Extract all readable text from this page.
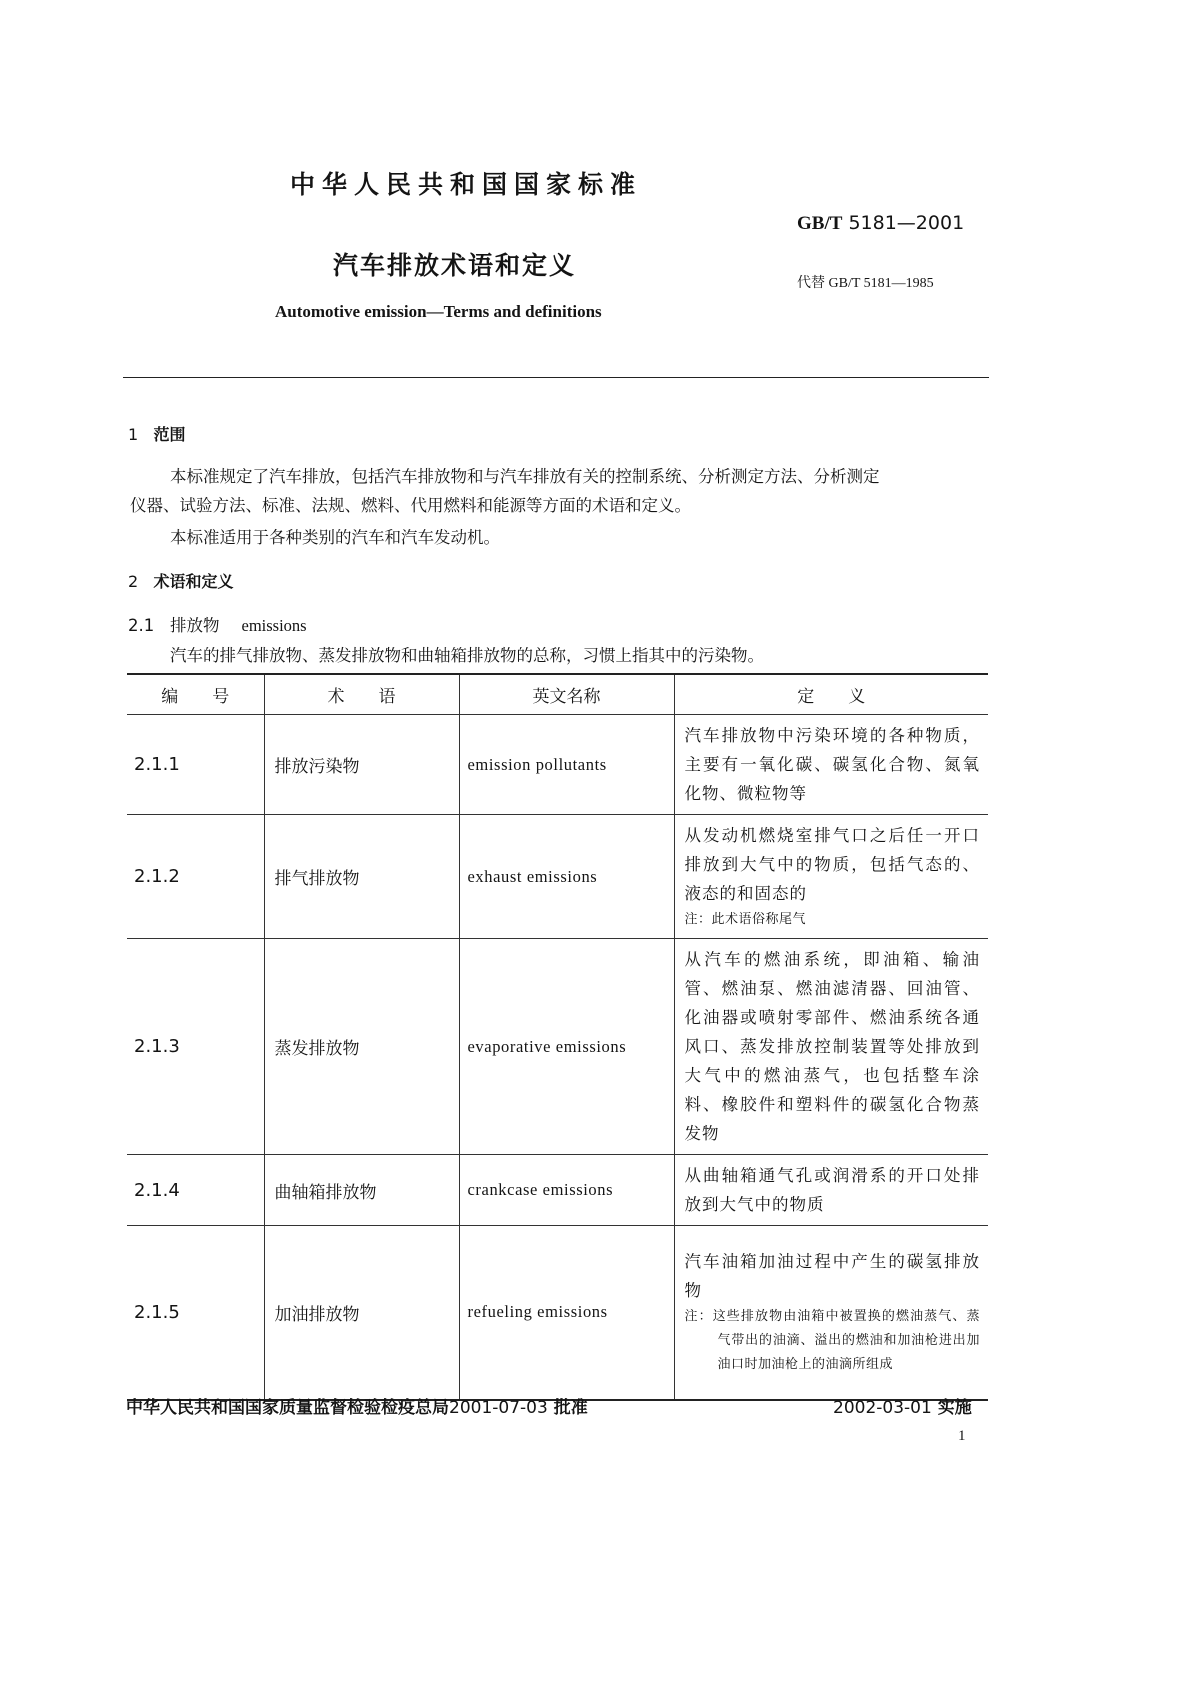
中华人民共和国国家标准
GB/T 5181—2001
汽车排放术语和定义
代替 GB/T 5181—1985
Automotive emission—Terms and definitions
1 范围
本标准规定了汽车排放，包括汽车排放物和与汽车排放有关的控制系统、分析测定方法、分析测定
仪器、试验方法、标准、法规、燃料、代用燃料和能源等方面的术语和定义。
本标准适用于各种类别的汽车和汽车发动机。
2 术语和定义
2.1 排放物 emissions
汽车的排气排放物、蒸发排放物和曲轴箱排放物的总称，习惯上指其中的污染物。
编　　号	术　　语	英文名称	定　　义
2.1.1	排放污染物	emission pollutants	汽车排放物中污染环境的各种物质，主要有一氧化碳、碳氢化合物、氮氧化物、微粒物等

2.1.2	排气排放物	exhaust emissions	从发动机燃烧室排气口之后任一开口排放到大气中的物质，包括气态的、液态的和固态的
注：此术语俗称尾气

2.1.3	蒸发排放物	evaporative emissions	从汽车的燃油系统，即油箱、输油管、燃油泵、燃油滤清器、回油管、化油器或喷射零部件、燃油系统各通风口、蒸发排放控制装置等处排放到大气中的燃油蒸气，也包括整车涂料、橡胶件和塑料件的碳氢化合物蒸发物

2.1.4	曲轴箱排放物	crankcase emissions	从曲轴箱通气孔或润滑系的开口处排放到大气中的物质

2.1.5	加油排放物	refueling emissions	汽车油箱加油过程中产生的碳氢排放物
注：这些排放物由油箱中被置换的燃油蒸气、蒸气带出的油滴、溢出的燃油和加油枪进出加油口时加油枪上的油滴所组成
中华人民共和国国家质量监督检验检疫总局2001-07-03 批准	2002-03-01 实施
1
